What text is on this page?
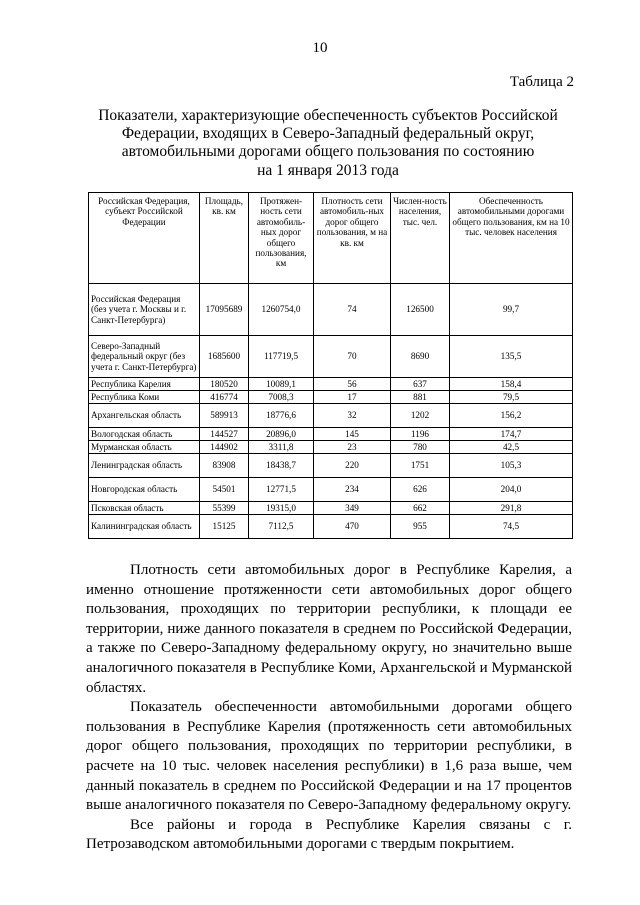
10
Таблица 2
Показатели, характеризующие обеспеченность субъектов Российской
Федерации, входящих в Северо-Западный федеральный округ,
автомобильными дорогами общего пользования по состоянию
на 1 января 2013 года
Российская Федерация, субъект Российской Федерации	Площадь, кв. км	Протяжен-ность сети автомобиль-ных дорог общего пользования, км	Плотность сети автомобиль-ных дорог общего пользования, м на кв. км	Числен-ность населения, тыс. чел.	Обеспеченность автомобильными дорогами общего пользования, км на 10 тыс. человек населения
Российская Федерация (без учета г. Москвы и г. Санкт-Петербурга)	17095689	1260754,0	74	126500	99,7
Северо-Западный федеральный округ (без учета г. Санкт-Петербурга)	1685600	117719,5	70	8690	135,5
Республика Карелия	180520	10089,1	56	637	158,4
Республика Коми	416774	7008,3	17	881	79,5
Архангельская область	589913	18776,6	32	1202	156,2
Вологодская область	144527	20896,0	145	1196	174,7
Мурманская область	144902	3311,8	23	780	42,5
Ленинградская область	83908	18438,7	220	1751	105,3
Новгородская область	54501	12771,5	234	626	204,0
Псковская область	55399	19315,0	349	662	291,8
Калининградская область	15125	7112,5	470	955	74,5

Плотность сети автомобильных дорог в Республике Карелия, а именно отношение протяженности сети автомобильных дорог общего пользования, проходящих по территории республики, к площади ее территории, ниже данного показателя в среднем по Российской Федерации, а также по Северо-Западному федеральному округу, но значительно выше аналогичного показателя в Республике Коми, Архангельской и Мурманской областях.

Показатель обеспеченности автомобильными дорогами общего пользования в Республике Карелия (протяженность сети автомобильных дорог общего пользования, проходящих по территории республики, в расчете на 10 тыс. человек населения республики) в 1,6 раза выше, чем данный показатель в среднем по Российской Федерации и на 17 процентов выше аналогичного показателя по Северо-Западному федеральному округу.

Все районы и города в Республике Карелия связаны с г. Петрозаводском автомобильными дорогами с твердым покрытием.
